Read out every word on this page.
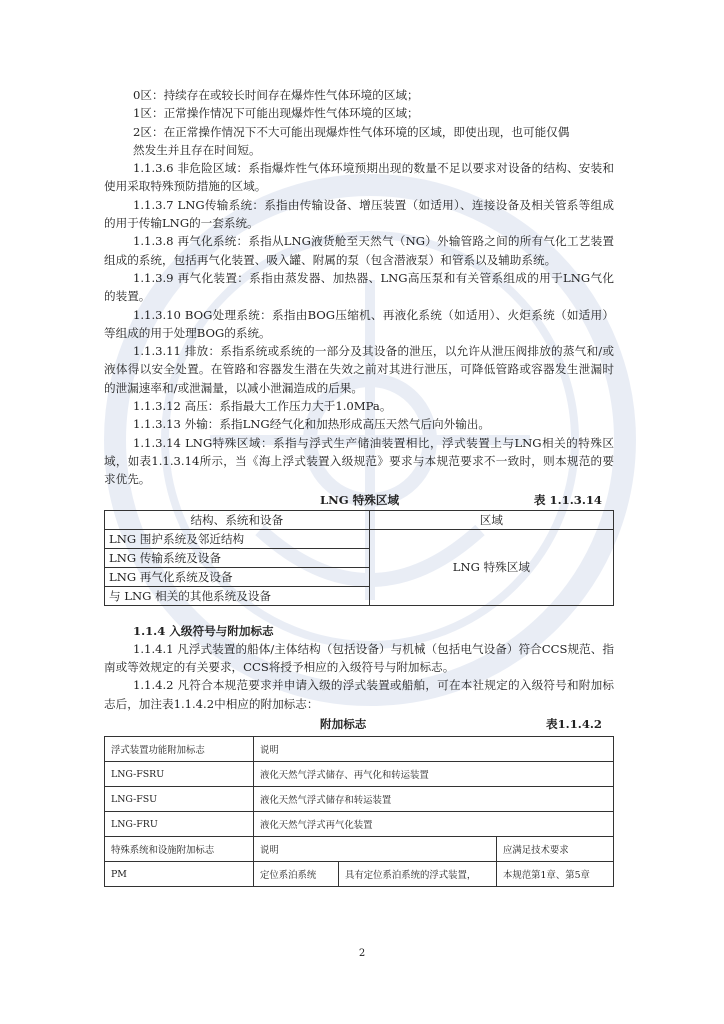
0区：持续存在或较长时间存在爆炸性气体环境的区域；
1区：正常操作情况下可能出现爆炸性气体环境的区域；
2区：在正常操作情况下不大可能出现爆炸性气体环境的区域，即使出现，也可能仅偶
然发生并且存在时间短。
1.1.3.6 非危险区域：系指爆炸性气体环境预期出现的数量不足以要求对设备的结构、安装和使用采取特殊预防措施的区域。
1.1.3.7 LNG传输系统：系指由传输设备、增压装置（如适用）、连接设备及相关管系等组成的用于传输LNG的一套系统。
1.1.3.8 再气化系统：系指从LNG液货舱至天然气（NG）外输管路之间的所有气化工艺装置组成的系统，包括再气化装置、吸入罐、附属的泵（包含潜液泵）和管系以及辅助系统。
1.1.3.9 再气化装置：系指由蒸发器、加热器、LNG高压泵和有关管系组成的用于LNG气化的装置。
1.1.3.10 BOG处理系统：系指由BOG压缩机、再液化系统（如适用）、火炬系统（如适用）等组成的用于处理BOG的系统。
1.1.3.11 排放：系指系统或系统的一部分及其设备的泄压，以允许从泄压阀排放的蒸气和/或液体得以安全处置。在管路和容器发生潜在失效之前对其进行泄压，可降低管路或容器发生泄漏时的泄漏速率和/或泄漏量，以减小泄漏造成的后果。
1.1.3.12 高压：系指最大工作压力大于1.0MPa。
1.1.3.13 外输：系指LNG经气化和加热形成高压天然气后向外输出。
1.1.3.14 LNG特殊区域：系指与浮式生产储油装置相比，浮式装置上与LNG相关的特殊区域，如表1.1.3.14所示，当《海上浮式装置入级规范》要求与本规范要求不一致时，则本规范的要求优先。
LNG 特殊区域	表 1.1.3.14
结构、系统和设备	区域
LNG 围护系统及邻近结构	LNG 特殊区域
LNG 传输系统及设备	
LNG 再气化系统及设备	
与 LNG 相关的其他系统及设备	
1.1.4 入级符号与附加标志
1.1.4.1 凡浮式装置的船体/主体结构（包括设备）与机械（包括电气设备）符合CCS规范、指南或等效规定的有关要求，CCS将授予相应的入级符号与附加标志。
1.1.4.2 凡符合本规范要求并申请入级的浮式装置或船舶，可在本社规定的入级符号和附加标志后，加注表1.1.4.2中相应的附加标志：
附加标志	表1.1.4.2
浮式装置功能附加标志	说明		
LNG-FSRU	液化天然气浮式储存、再气化和转运装置		
LNG-FSU	液化天然气浮式储存和转运装置		
LNG-FRU	液化天然气浮式再气化装置		
特殊系统和设施附加标志	说明		应满足技术要求
PM	定位系泊系统	具有定位系泊系统的浮式装置，	本规范第1章、第5章
2
